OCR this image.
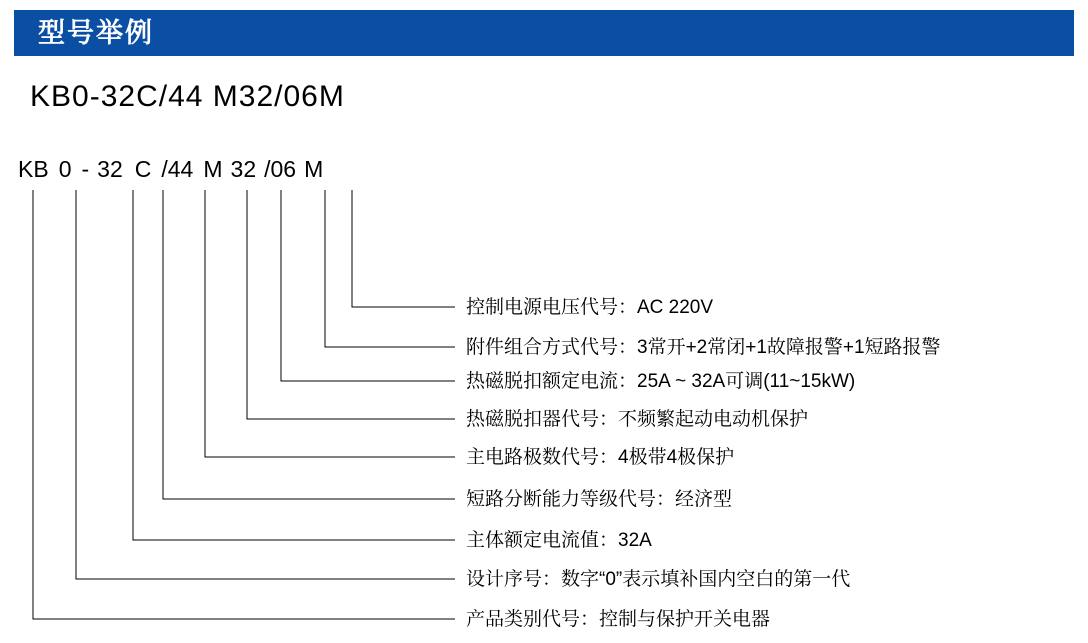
型号举例
KB0-32C/44 M32/06M
KB 0 - 32 C /44 M 32 /06 M
控制电源电压代号：AC 220V
附件组合方式代号：3常开+2常闭+1故障报警+1短路报警
热磁脱扣额定电流：25A ~ 32A可调(11~15kW)
热磁脱扣器代号：不频繁起动电动机保护
主电路极数代号：4极带4极保护
短路分断能力等级代号：经济型
主体额定电流值：32A
设计序号：数字“0”表示填补国内空白的第一代
产品类别代号：控制与保护开关电器
